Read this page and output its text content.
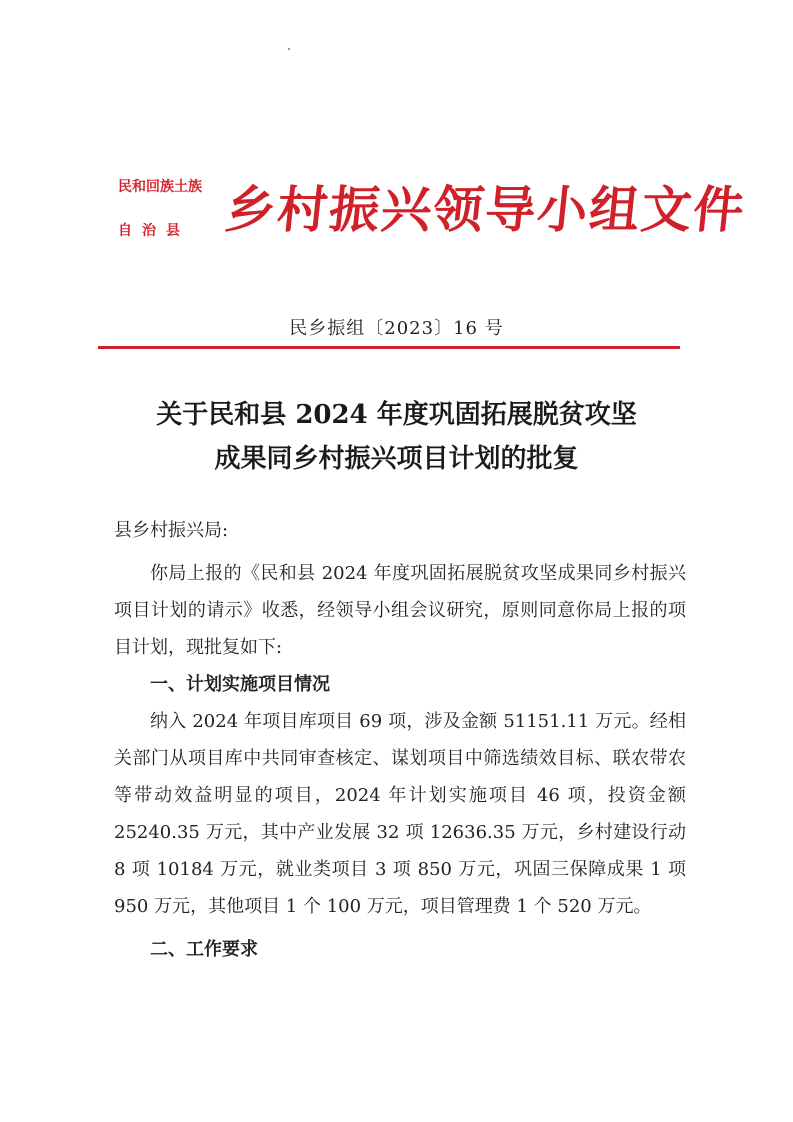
民和回族土族
自治县 乡村振兴领导小组文件
民乡振组〔2023〕16 号
关于民和县 2024 年度巩固拓展脱贫攻坚
成果同乡村振兴项目计划的批复
县乡村振兴局:

你局上报的《民和县 2024 年度巩固拓展脱贫攻坚成果同乡村振兴项目计划的请示》收悉，经领导小组会议研究，原则同意你局上报的项目计划，现批复如下:

一、计划实施项目情况

纳入 2024 年项目库项目 69 项，涉及金额 51151.11 万元。经相关部门从项目库中共同审查核定、谋划项目中筛选绩效目标、联农带农等带动效益明显的项目，2024 年计划实施项目 46 项，投资金额 25240.35 万元，其中产业发展 32 项 12636.35 万元，乡村建设行动 8 项 10184 万元，就业类项目 3 项 850 万元，巩固三保障成果 1 项 950 万元，其他项目 1 个 100 万元，项目管理费 1 个 520 万元。

二、工作要求
